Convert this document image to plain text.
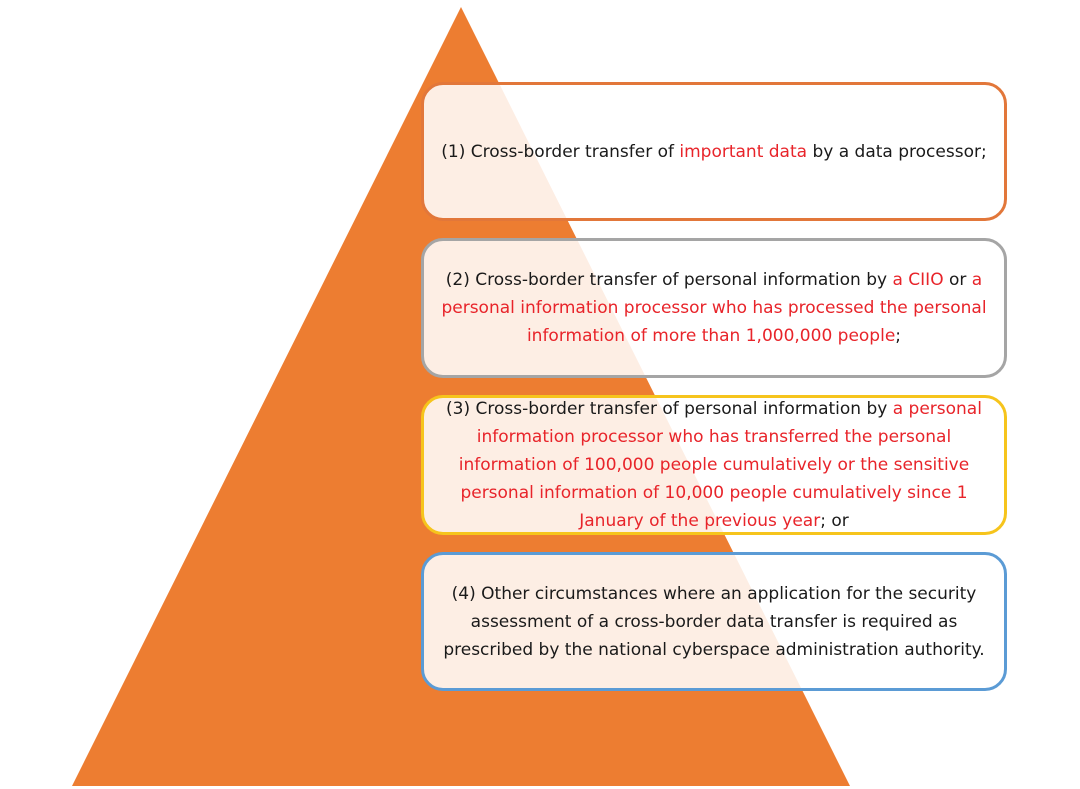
(1) Cross-border transfer of important data by a data processor;

(2) Cross-border transfer of personal information by a CIIO or a personal information processor who has processed the personal information of more than 1,000,000 people;

(3) Cross-border transfer of personal information by a personal information processor who has transferred the personal information of 100,000 people cumulatively or the sensitive personal information of 10,000 people cumulatively since 1 January of the previous year; or

(4) Other circumstances where an application for the security assessment of a cross-border data transfer is required as prescribed by the national cyberspace administration authority.
